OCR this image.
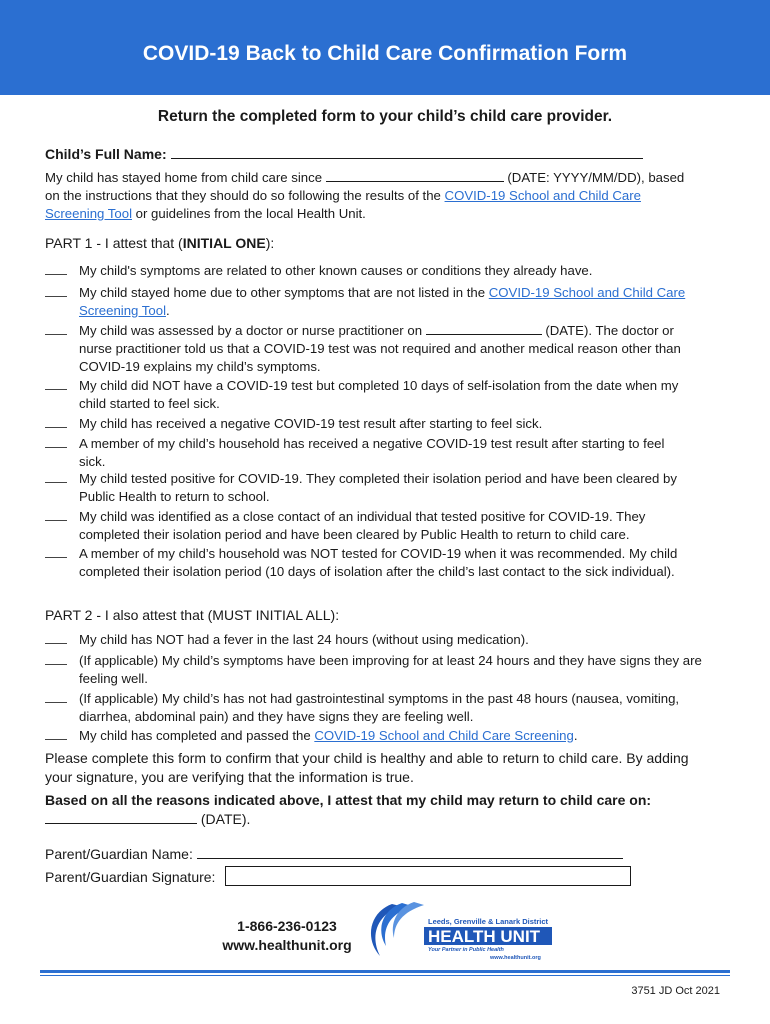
COVID-19 Back to Child Care Confirmation Form
Return the completed form to your child’s child care provider.
Child’s Full Name:
My child has stayed home from child care since	(DATE: YYYY/MM/DD), based
on the instructions that they should do so following the results of the COVID-19 School and Child Care
Screening Tool or guidelines from the local Health Unit.
PART 1 - I attest that (INITIAL ONE):
My child's symptoms are related to other known causes or conditions they already have.
My child stayed home due to other symptoms that are not listed in the COVID-19 School and Child Care
Screening Tool.
My child was assessed by a doctor or nurse practitioner on	(DATE). The doctor or
nurse practitioner told us that a COVID-19 test was not required and another medical reason other than
COVID-19 explains my child’s symptoms.
My child did NOT have a COVID-19 test but completed 10 days of self-isolation from the date when my
child started to feel sick.
My child has received a negative COVID-19 test result after starting to feel sick.
A member of my child’s household has received a negative COVID-19 test result after starting to feel
sick.
My child tested positive for COVID-19. They completed their isolation period and have been cleared by
Public Health to return to school.
My child was identified as a close contact of an individual that tested positive for COVID-19. They
completed their isolation period and have been cleared by Public Health to return to child care.
A member of my child’s household was NOT tested for COVID-19 when it was recommended. My child
completed their isolation period (10 days of isolation after the child’s last contact to the sick individual).
PART 2 - I also attest that (MUST INITIAL ALL):
My child has NOT had a fever in the last 24 hours (without using medication).
(If applicable) My child’s symptoms have been improving for at least 24 hours and they have signs they are
feeling well.
(If applicable) My child’s has not had gastrointestinal symptoms in the past 48 hours (nausea, vomiting,
diarrhea, abdominal pain) and they have signs they are feeling well.
My child has completed and passed the COVID-19 School and Child Care Screening.
Please complete this form to confirm that your child is healthy and able to return to child care. By adding
your signature, you are verifying that the information is true.
Based on all the reasons indicated above, I attest that my child may return to child care on:
(DATE).
Parent/Guardian Name:
Parent/Guardian Signature:
1-866-236-0123
www.healthunit.org
Leeds, Grenville & Lanark District
HEALTH UNIT
Your Partner in Public Health
www.healthunit.org
3751 JD Oct 2021
